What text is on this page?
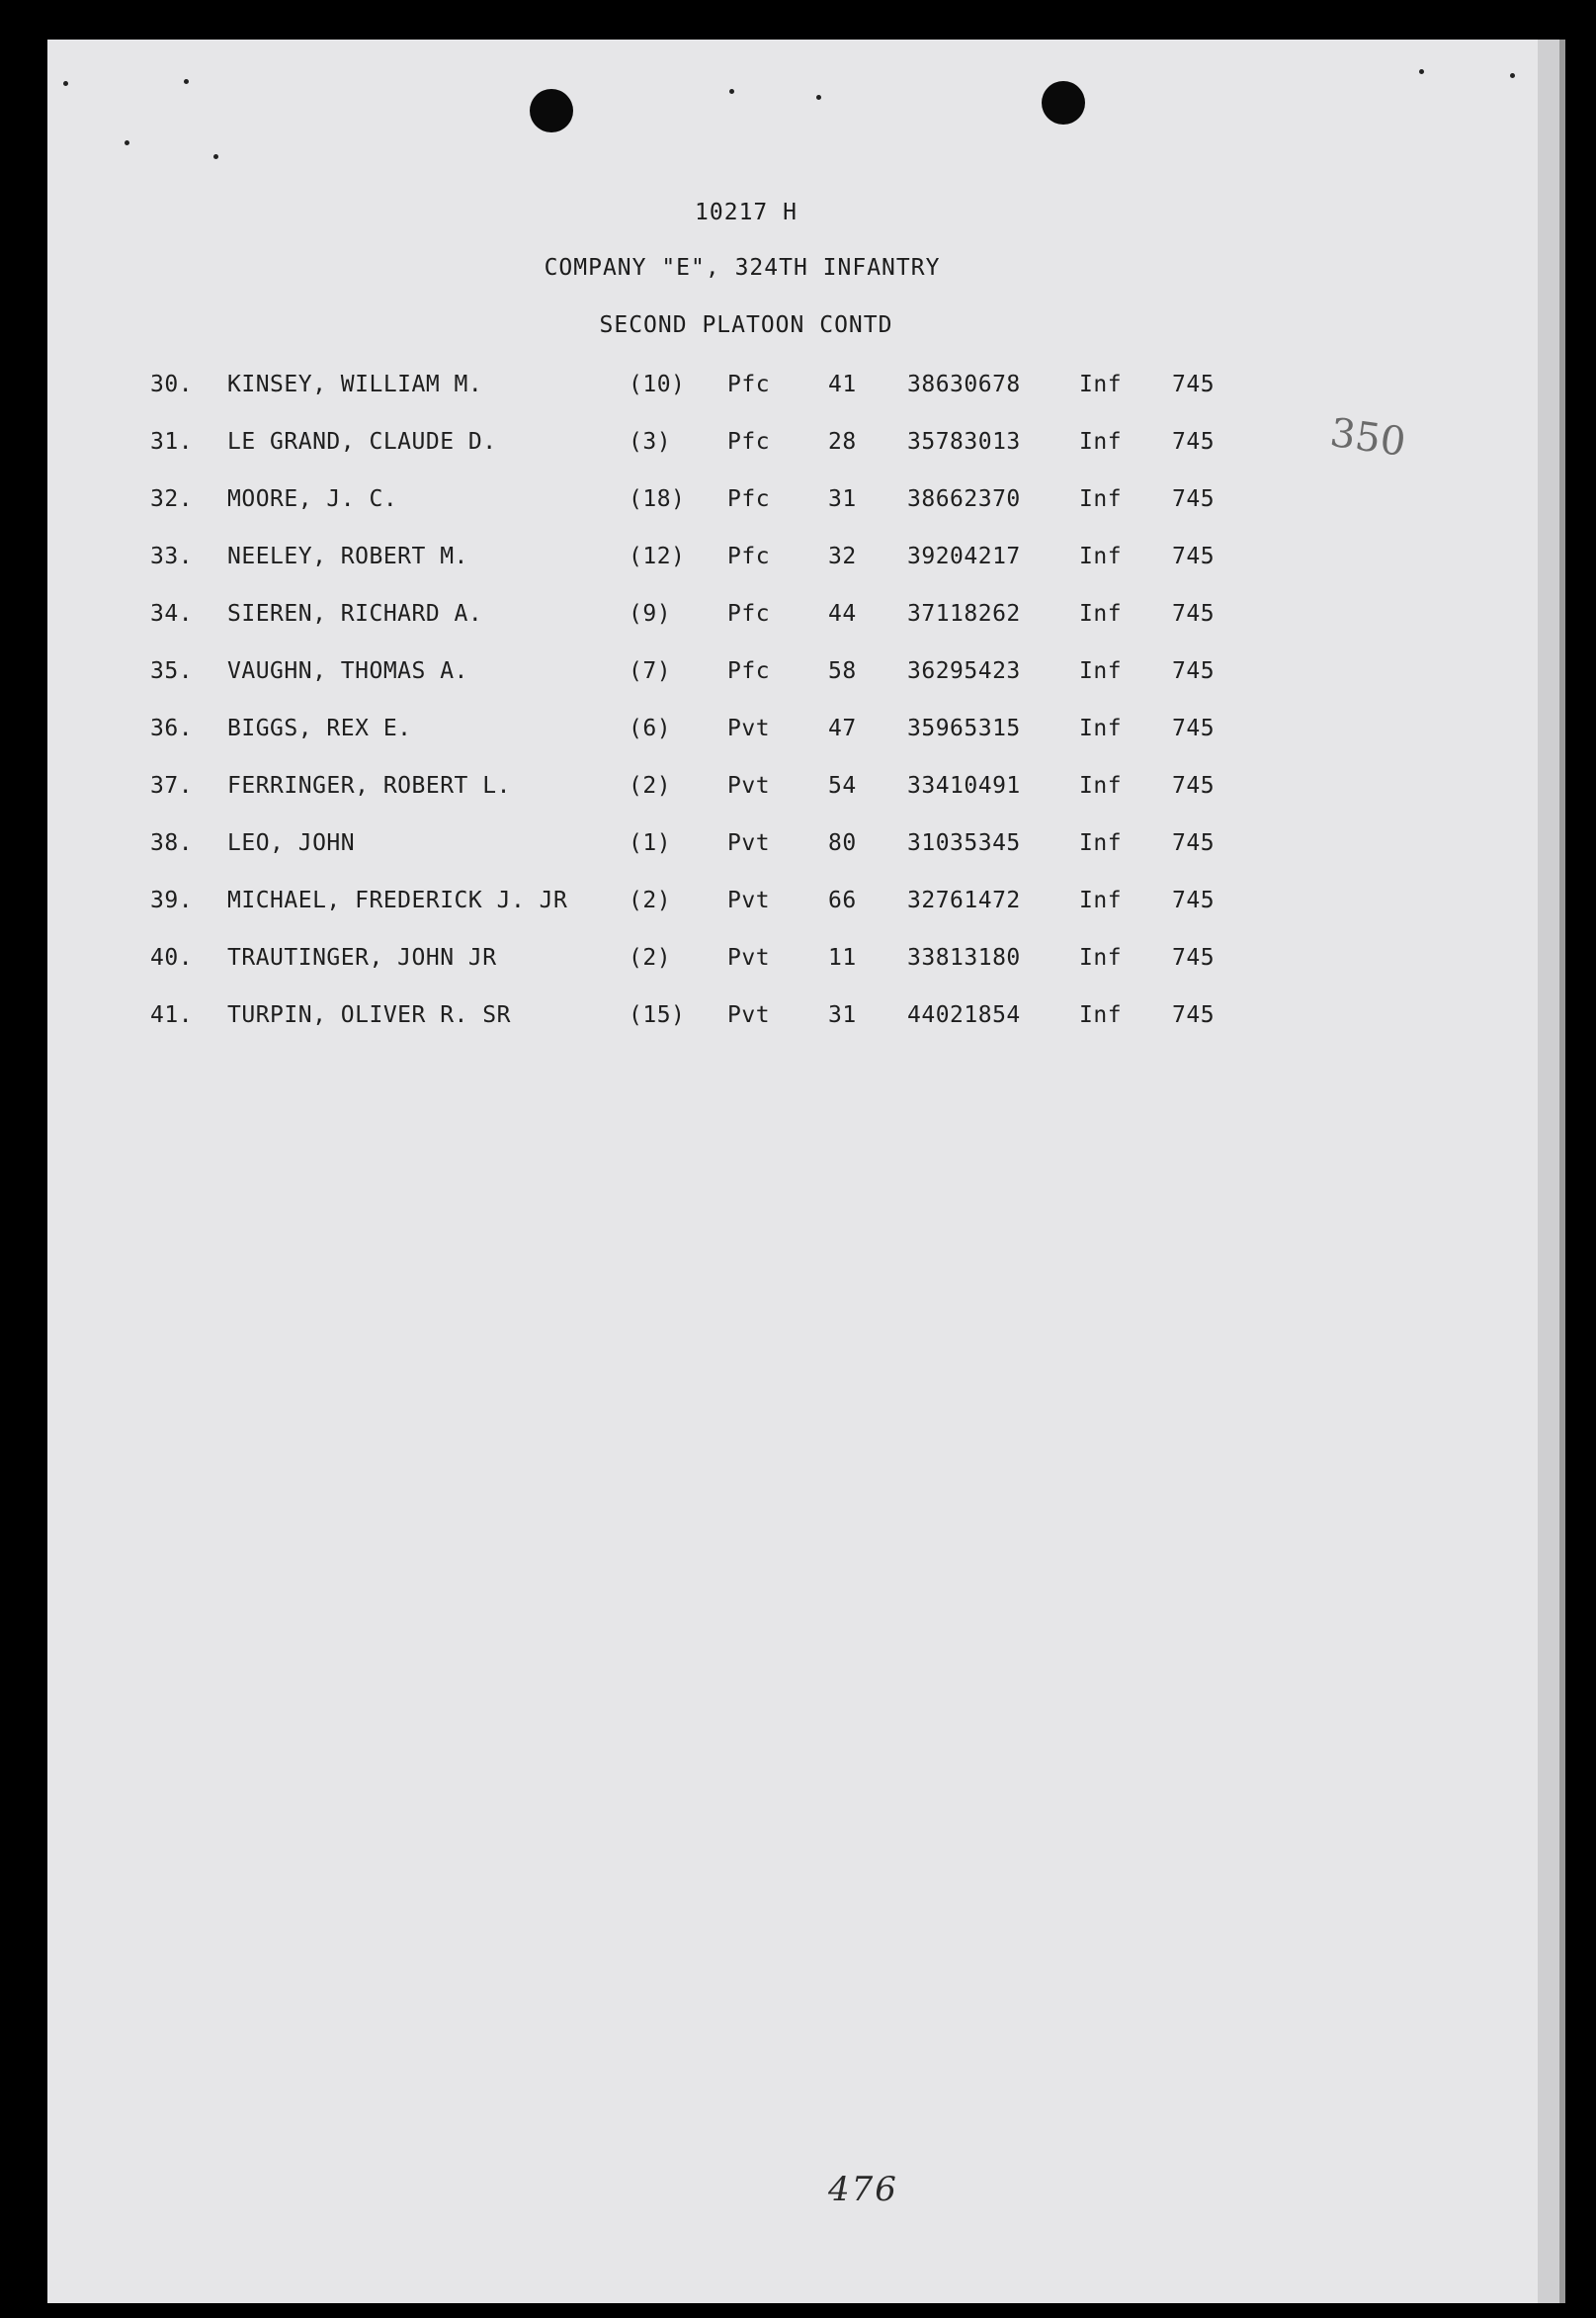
10217 H
COMPANY "E", 324TH INFANTRY
SECOND PLATOON CONTD
30. KINSEY, WILLIAM M.	(10) Pfc	41 38630678	Inf 745
31. LE GRAND, CLAUDE D.	(3) Pfc	28 35783013	Inf 745
32. MOORE, J. C.	(18) Pfc	31 38662370	Inf 745
33. NEELEY, ROBERT M.	(12) Pfc	32 39204217	Inf 745
34. SIEREN, RICHARD A.	(9) Pfc	44 37118262	Inf 745
35. VAUGHN, THOMAS A.	(7) Pfc	58 36295423	Inf 745
36. BIGGS, REX E.	(6) Pvt	47 35965315	Inf 745
37. FERRINGER, ROBERT L.	(2) Pvt	54 33410491	Inf 745
38. LEO, JOHN	(1) Pvt	80 31035345	Inf 745
39. MICHAEL, FREDERICK J. JR	(2) Pvt	66 32761472	Inf 745
40. TRAUTINGER, JOHN JR	(2) Pvt	11 33813180	Inf 745
41. TURPIN, OLIVER R. SR	(15) Pvt	31 44021854	Inf 745
350
476
